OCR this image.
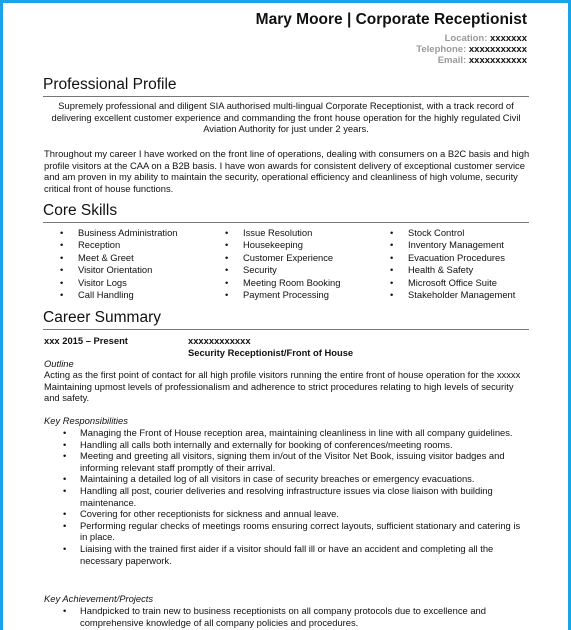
Mary Moore | Corporate Receptionist
Location: xxxxxxx
Telephone: xxxxxxxxxxx
Email: xxxxxxxxxxx
Professional Profile
Supremely professional and diligent SIA authorised multi-lingual Corporate Receptionist, with a track record of delivering excellent customer experience and commanding the front house operation for the highly regulated Civil Aviation Authority for just under 2 years.
Throughout my career I have worked on the front line of operations, dealing with consumers on a B2C basis and high profile visitors at the CAA on a B2B basis. I have won awards for consistent delivery of exceptional customer service and am proven in my ability to maintain the security, operational efficiency and cleanliness of high volume, security critical front of house functions.
Core Skills
• Business Administration
• Reception
• Meet & Greet
• Visitor Orientation
• Visitor Logs
• Call Handling
• Issue Resolution
• Housekeeping
• Customer Experience
• Security
• Meeting Room Booking
• Payment Processing
• Stock Control
• Inventory Management
• Evacuation Procedures
• Health & Safety
• Microsoft Office Suite
• Stakeholder Management
Career Summary
xxx 2015 – Present	xxxxxxxxxxxx
Security Receptionist/Front of House
Outline
Acting as the first point of contact for all high profile visitors running the entire front of house operation for the xxxxx Maintaining upmost levels of professionalism and adherence to strict procedures relating to high levels of security and safety.
Key Responsibilities
• Managing the Front of House reception area, maintaining cleanliness in line with all company guidelines.
• Handling all calls both internally and externally for booking of conferences/meeting rooms.
• Meeting and greeting all visitors, signing them in/out of the Visitor Net Book, issuing visitor badges and informing relevant staff promptly of their arrival.
• Maintaining a detailed log of all visitors in case of security breaches or emergency evacuations.
• Handling all post, courier deliveries and resolving infrastructure issues via close liaison with building maintenance.
• Covering for other receptionists for sickness and annual leave.
• Performing regular checks of meetings rooms ensuring correct layouts, sufficient stationary and catering is in place.
• Liaising with the trained first aider if a visitor should fall ill or have an accident and completing all the necessary paperwork.
Key Achievement/Projects
• Handpicked to train new to business receptionists on all company protocols due to excellence and comprehensive knowledge of all company policies and procedures.
